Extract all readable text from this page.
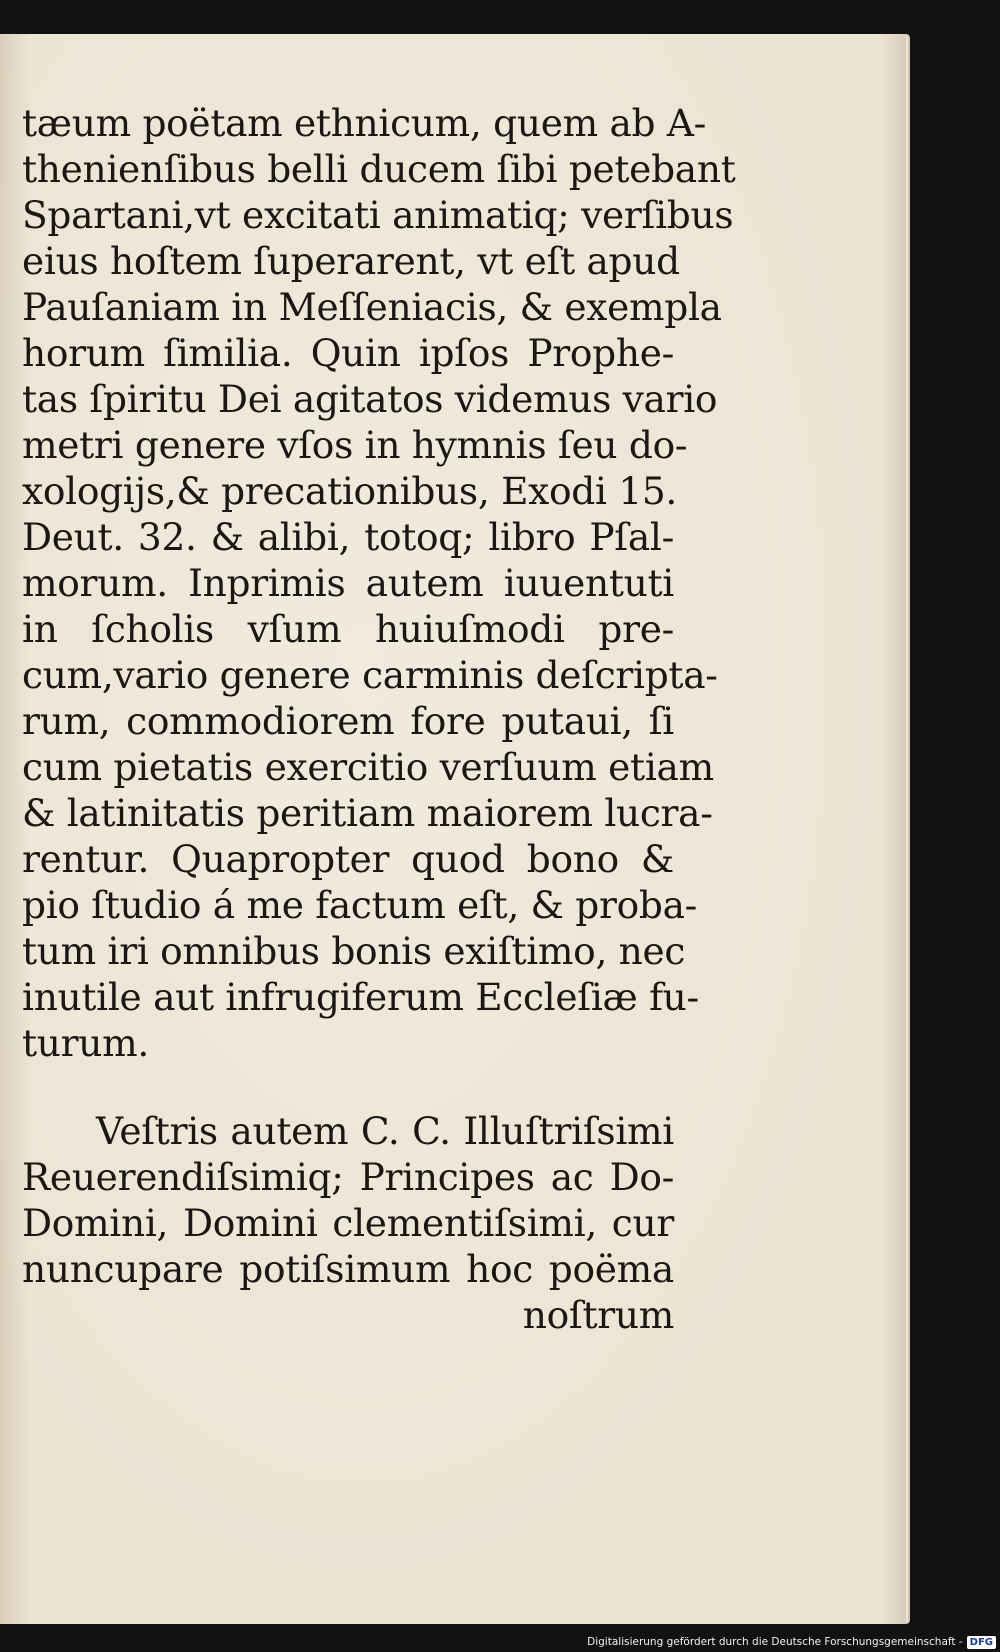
tæum poëtam ethnicum, quem ab A-
thenienſibus belli ducem ſibi petebant
Spartani,vt excitati animatiq; verſibus
eius hoſtem ſuperarent, vt eſt apud
Pauſaniam in Meſſeniacis, & exempla
horum ſimilia. Quin ipſos Prophe-
tas ſpiritu Dei agitatos videmus vario
metri genere vſos in hymnis ſeu do-
xologijs,& precationibus, Exodi 15.
Deut. 32. & alibi, totoq; libro Pſal-
morum. Inprimis autem iuuentuti
in ſcholis vſum huiuſmodi pre-
cum,vario genere carminis deſcripta-
rum, commodiorem fore putaui, ſi
cum pietatis exercitio verſuum etiam
& latinitatis peritiam maiorem lucra-
rentur. Quapropter quod bono &
pio ſtudio á me factum eſt, & proba-
tum iri omnibus bonis exiſtimo, nec
inutile aut infrugiferum Eccleſiæ fu-
turum.
Veſtris autem C. C. Illuſtriſsimi
Reuerendiſsimiq; Principes ac Do-
Domini, Domini clementiſsimi, cur
nuncupare potiſsimum hoc poëma
noſtrum
Digitalisierung gefördert durch die Deutsche Forschungsgemeinschaft - DFG
